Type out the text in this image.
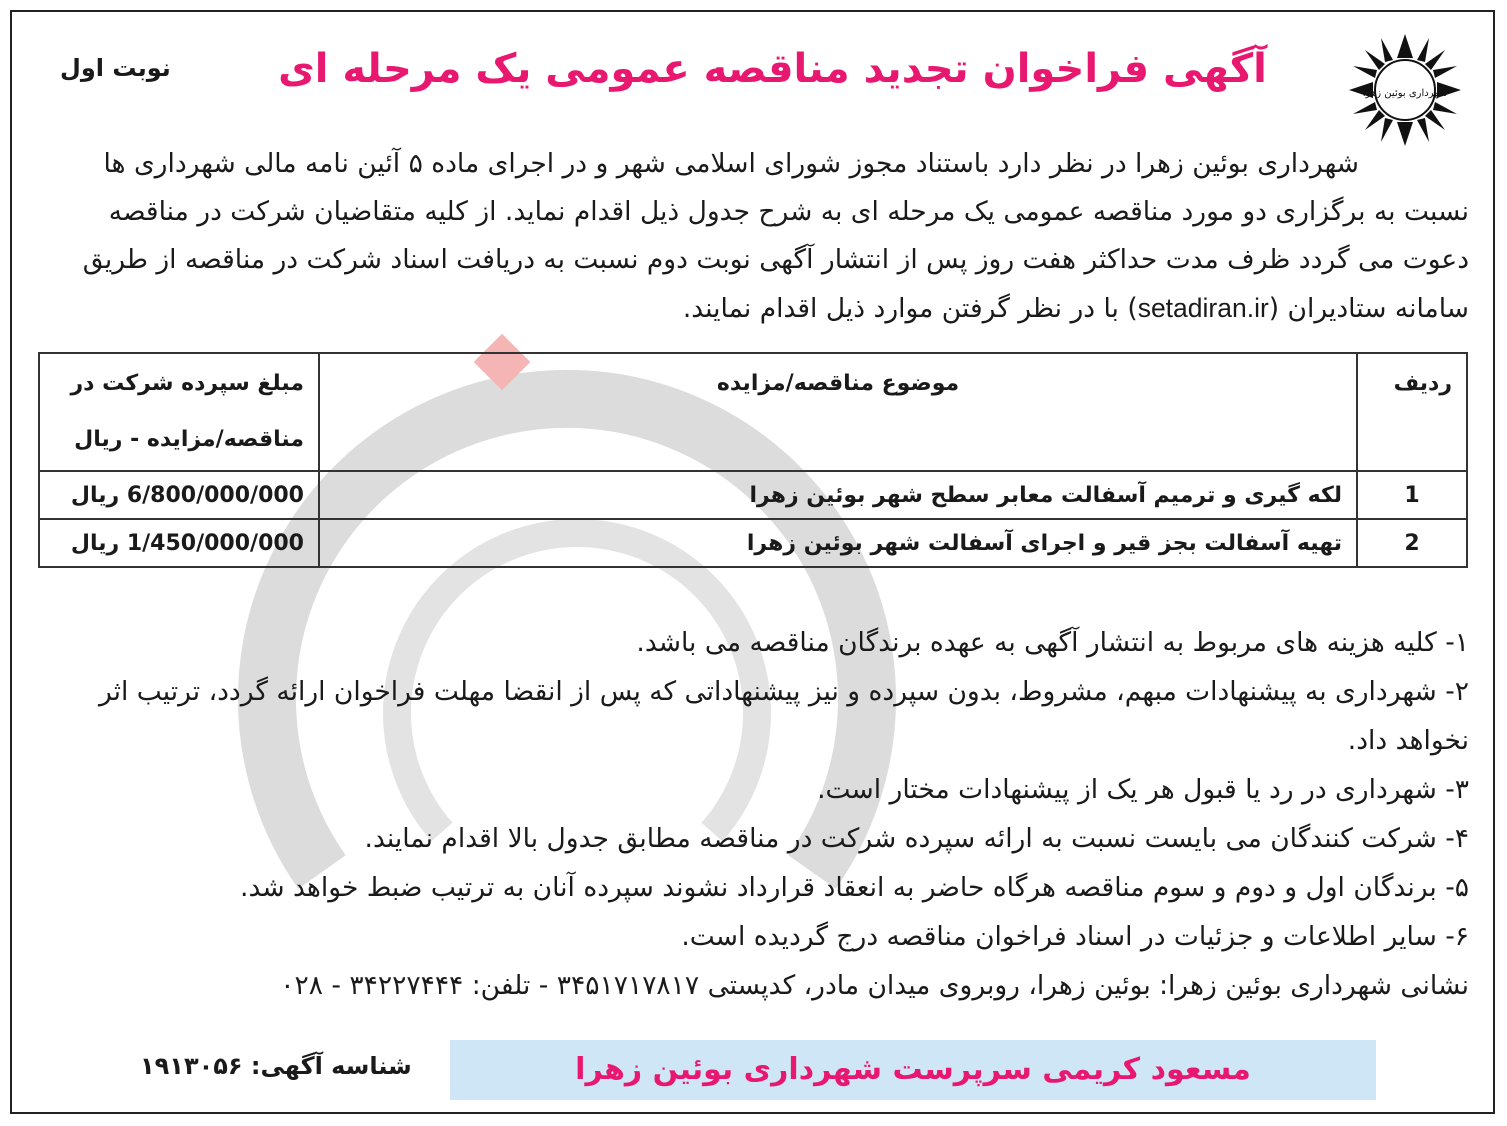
شهرداری بوئین زهرا
آگهی فراخوان تجدید مناقصه عمومی یک مرحله ای
نوبت اول
شهرداری بوئین زهرا در نظر دارد باستناد مجوز شورای اسلامی شهر و در اجرای ماده ۵ آئین نامه مالی شهرداری ها
نسبت به برگزاری دو مورد مناقصه عمومی یک مرحله ای به شرح جدول ذیل اقدام نماید. از کلیه متقاضیان شرکت در مناقصه
دعوت می گردد ظرف مدت حداکثر هفت روز پس از انتشار آگهی نوبت دوم نسبت به دریافت اسناد شرکت در مناقصه از طریق
سامانه ستادیران (setadiran.ir) با در نظر گرفتن موارد ذیل اقدام نمایند.
ردیف	موضوع مناقصه/مزایده	مبلغ سپرده شرکت در
مناقصه/مزایده - ریال

1	لکه گیری و ترمیم آسفالت معابر سطح شهر بوئین زهرا	6/800/000/000 ریال
2	تهیه آسفالت بجز قیر و اجرای آسفالت شهر بوئین زهرا	1/450/000/000 ریال
۱- کلیه هزینه های مربوط به انتشار آگهی به عهده برندگان مناقصه می باشد.
۲- شهرداری به پیشنهادات مبهم، مشروط، بدون سپرده و نیز پیشنهاداتی که پس از انقضا مهلت فراخوان ارائه گردد، ترتیب اثر
نخواهد داد.
۳- شهرداری در رد یا قبول هر یک از پیشنهادات مختار است.
۴- شرکت کنندگان می بایست نسبت به ارائه سپرده شرکت در مناقصه مطابق جدول بالا اقدام نمایند.
۵- برندگان اول و دوم و سوم مناقصه هرگاه حاضر به انعقاد قرارداد نشوند سپرده آنان به ترتیب ضبط خواهد شد.
۶- سایر اطلاعات و جزئیات در اسناد فراخوان مناقصه درج گردیده است.
نشانی شهرداری بوئین زهرا: بوئین زهرا، روبروی میدان مادر، کدپستی ۳۴۵۱۷۱۷۸۱۷ - تلفن: ۳۴۲۲۷۴۴۴ - ۰۲۸
شناسه آگهی: ۱۹۱۳۰۵۶	مسعود کریمی سرپرست شهرداری بوئین زهرا
